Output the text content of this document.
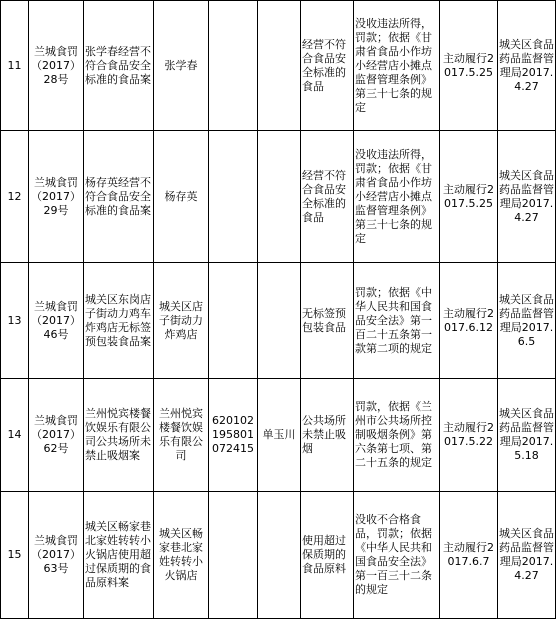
11	兰城食罚（2017）28号	张学春经营不符合食品安全标准的食品案	张学春			经营不符合食品安全标准的食品	没收违法所得，罚款；依据《甘肃省食品小作坊小经营店小摊点监督管理条例》第三十七条的规定	主动履行2017.5.25	城关区食品药品监督管理局2017.4.27
12	兰城食罚（2017）29号	杨存英经营不符合食品安全标准的食品案	杨存英			经营不符合食品安全标准的食品	没收违法所得，罚款；依据《甘肃省食品小作坊小经营店小摊点监督管理条例》第三十七条的规定	主动履行2017.5.25	城关区食品药品监督管理局2017.4.27
13	兰城食罚（2017）46号	城关区东岗店子街动力鸡车炸鸡店无标签预包装食品案	城关区店子街动力炸鸡店			无标签预包装食品	罚款；依据《中华人民共和国食品安全法》第一百二十五条第一款第二项的规定	主动履行2017.6.12	城关区食品药品监督管理局2017.6.5
14	兰城食罚（2017）62号	兰州悦宾楼餐饮娱乐有限公司公共场所未禁止吸烟案	兰州悦宾楼餐饮娱乐有限公司	620102195801072415	单玉川	公共场所未禁止吸烟	罚款，依据《兰州市公共场所控制吸烟条例》第六条第七项、第二十五条的规定	主动履行2017.5.22	城关区食品药品监督管理局2017.5.18
15	兰城食罚（2017）63号	城关区畅家巷北家姓转转小火锅店使用超过保质期的食品原料案	城关区畅家巷北家姓转转小火锅店			使用超过保质期的食品原料	没收不合格食品，罚款；依据《中华人民共和国食品安全法》第一百三十二条的规定	主动履行2017.6.7	城关区食品药品监督管理局2017.4.27
